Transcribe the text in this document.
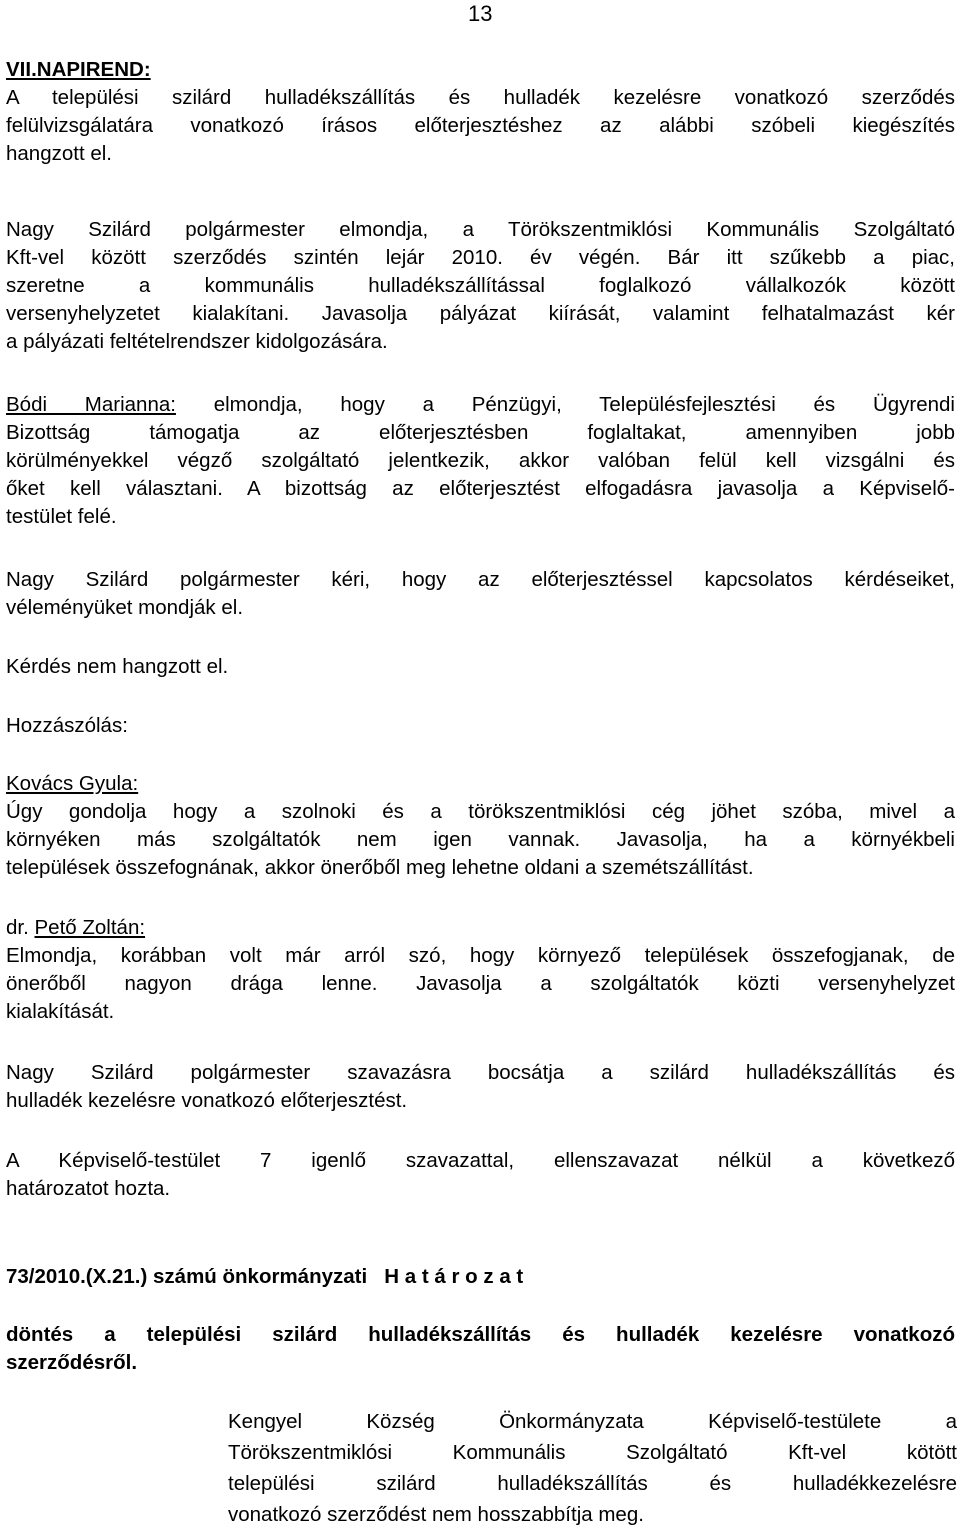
13
VII.NAPIREND:
A települési szilárd hulladékszállítás és hulladék kezelésre vonatkozó szerződés
felülvizsgálatára vonatkozó írásos előterjesztéshez az alábbi szóbeli kiegészítés
hangzott el.
Nagy Szilárd polgármester elmondja, a Törökszentmiklósi Kommunális Szolgáltató
Kft-vel között szerződés szintén lejár 2010. év végén. Bár itt szűkebb a piac,
szeretne a kommunális hulladékszállítással foglalkozó vállalkozók között
versenyhelyzetet kialakítani. Javasolja pályázat kiírását, valamint felhatalmazást kér
a pályázati feltételrendszer kidolgozására.
Bódi Marianna: elmondja, hogy a Pénzügyi, Településfejlesztési és Ügyrendi
Bizottság támogatja az előterjesztésben foglaltakat, amennyiben jobb
körülményekkel végző szolgáltató jelentkezik, akkor valóban felül kell vizsgálni és
őket kell választani. A bizottság az előterjesztést elfogadásra javasolja a Képviselő-
testület felé.
Nagy Szilárd polgármester kéri, hogy az előterjesztéssel kapcsolatos kérdéseiket,
véleményüket mondják el.
Kérdés nem hangzott el.
Hozzászólás:
Kovács Gyula:
Úgy gondolja hogy a szolnoki és a törökszentmiklósi cég jöhet szóba, mivel a
környéken más szolgáltatók nem igen vannak. Javasolja, ha a környékbeli
települések összefognának, akkor önerőből meg lehetne oldani a szemétszállítást.
dr. Pető Zoltán:
Elmondja, korábban volt már arról szó, hogy környező települések összefogjanak, de
önerőből nagyon drága lenne. Javasolja a szolgáltatók közti versenyhelyzet
kialakítását.
Nagy Szilárd polgármester szavazásra bocsátja a szilárd hulladékszállítás és
hulladék kezelésre vonatkozó előterjesztést.
A Képviselő-testület 7 igenlő szavazattal, ellenszavazat nélkül a következő
határozatot hozta.
73/2010.(X.21.) számú önkormányzati H a t á r o z a t
döntés a települési szilárd hulladékszállítás és hulladék kezelésre vonatkozó
szerződésről.
Kengyel Község Önkormányzata Képviselő-testülete a
Törökszentmiklósi Kommunális Szolgáltató Kft-vel kötött
települési szilárd hulladékszállítás és hulladékkezelésre
vonatkozó szerződést nem hosszabbítja meg.
